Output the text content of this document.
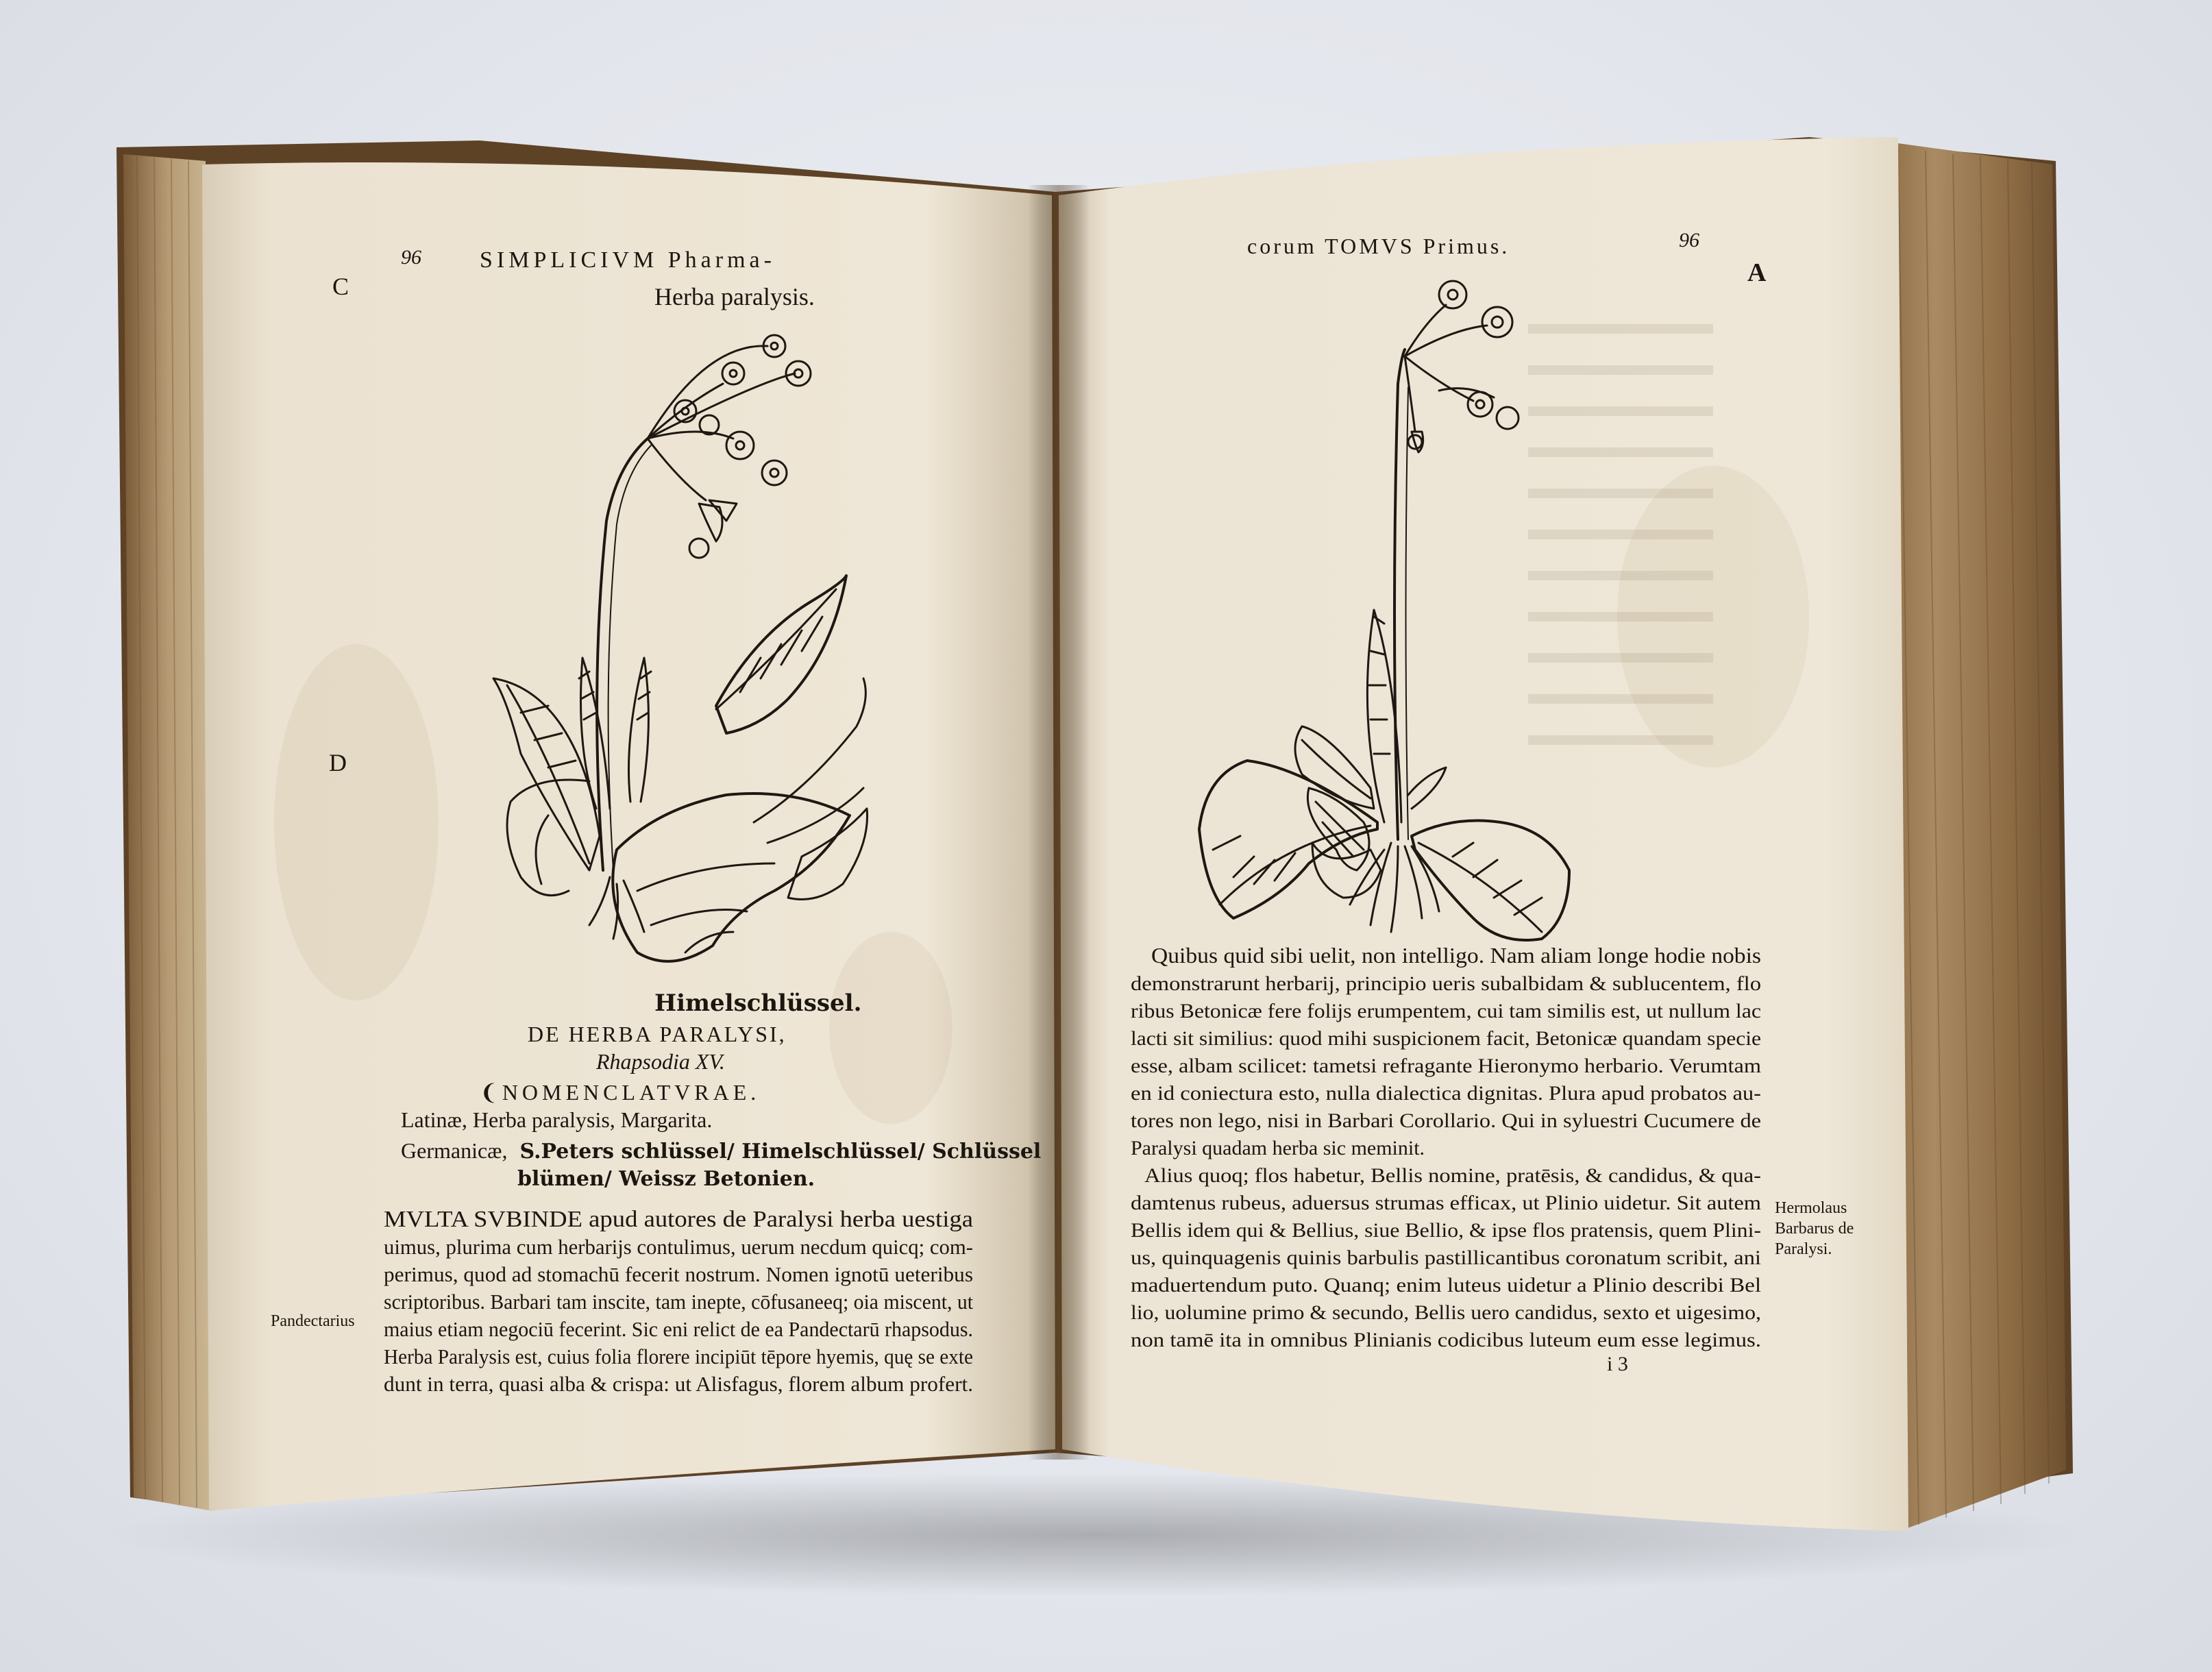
96	SIMPLICIVM Pharma-
C	Herba paralysis.
D
Himelschlüssel.
DE HERBA PARALYSI,
Rhapsodia XV.
❨NOMENCLATVRAE.
Latinæ, Herba paralysis, Margarita.
Germanicæ, S.Peters schlüssel/ Himelschlüssel/ Schlüssel
blümen/ Weissz Betonien.
MVLTA SVBINDE apud autores de Paralysi herba uestiga
uimus, plurima cum herbarijs contulimus, uerum necdum quicq; com-
perimus, quod ad stomachū fecerit nostrum. Nomen ignotū ueteribus
scriptoribus. Barbari tam inscite, tam inepte, cōfusaneeq; oia miscent, ut
maius etiam negociū fecerint. Sic eni relict de ea Pandectarū rhapsodus.
Herba Paralysis est, cuius folia florere incipiūt tēpore hyemis, quę se exte
dunt in terra, quasi alba & crispa: ut Alisfagus, florem album profert.
Pandectarius
corum TOMVS Primus.	96
A
Quibus quid sibi uelit, non intelligo. Nam aliam longe hodie nobis
demonstrarunt herbarij, principio ueris subalbidam & sublucentem, flo
ribus Betonicæ fere folijs erumpentem, cui tam similis est, ut nullum lac
lacti sit similius: quod mihi suspicionem facit, Betonicæ quandam specie
esse, albam scilicet: tametsi refragante Hieronymo herbario. Verumtam
en id coniectura esto, nulla dialectica dignitas. Plura apud probatos au-
tores non lego, nisi in Barbari Corollario. Qui in syluestri Cucumere de
Paralysi quadam herba sic meminit.
Alius quoq; flos habetur, Bellis nomine, pratēsis, & candidus, & qua-
damtenus rubeus, aduersus strumas efficax, ut Plinio uidetur. Sit autem
Bellis idem qui & Bellius, siue Bellio, & ipse flos pratensis, quem Plini-
us, quinquagenis quinis barbulis pastillicantibus coronatum scribit, ani
maduertendum puto. Quanq; enim luteus uidetur a Plinio describi Bel
lio, uolumine primo & secundo, Bellis uero candidus, sexto et uigesimo,
non tamē ita in omnibus Plinianis codicibus luteum eum esse legimus.
Hermolaus
Barbarus de
Paralysi.
i 3
